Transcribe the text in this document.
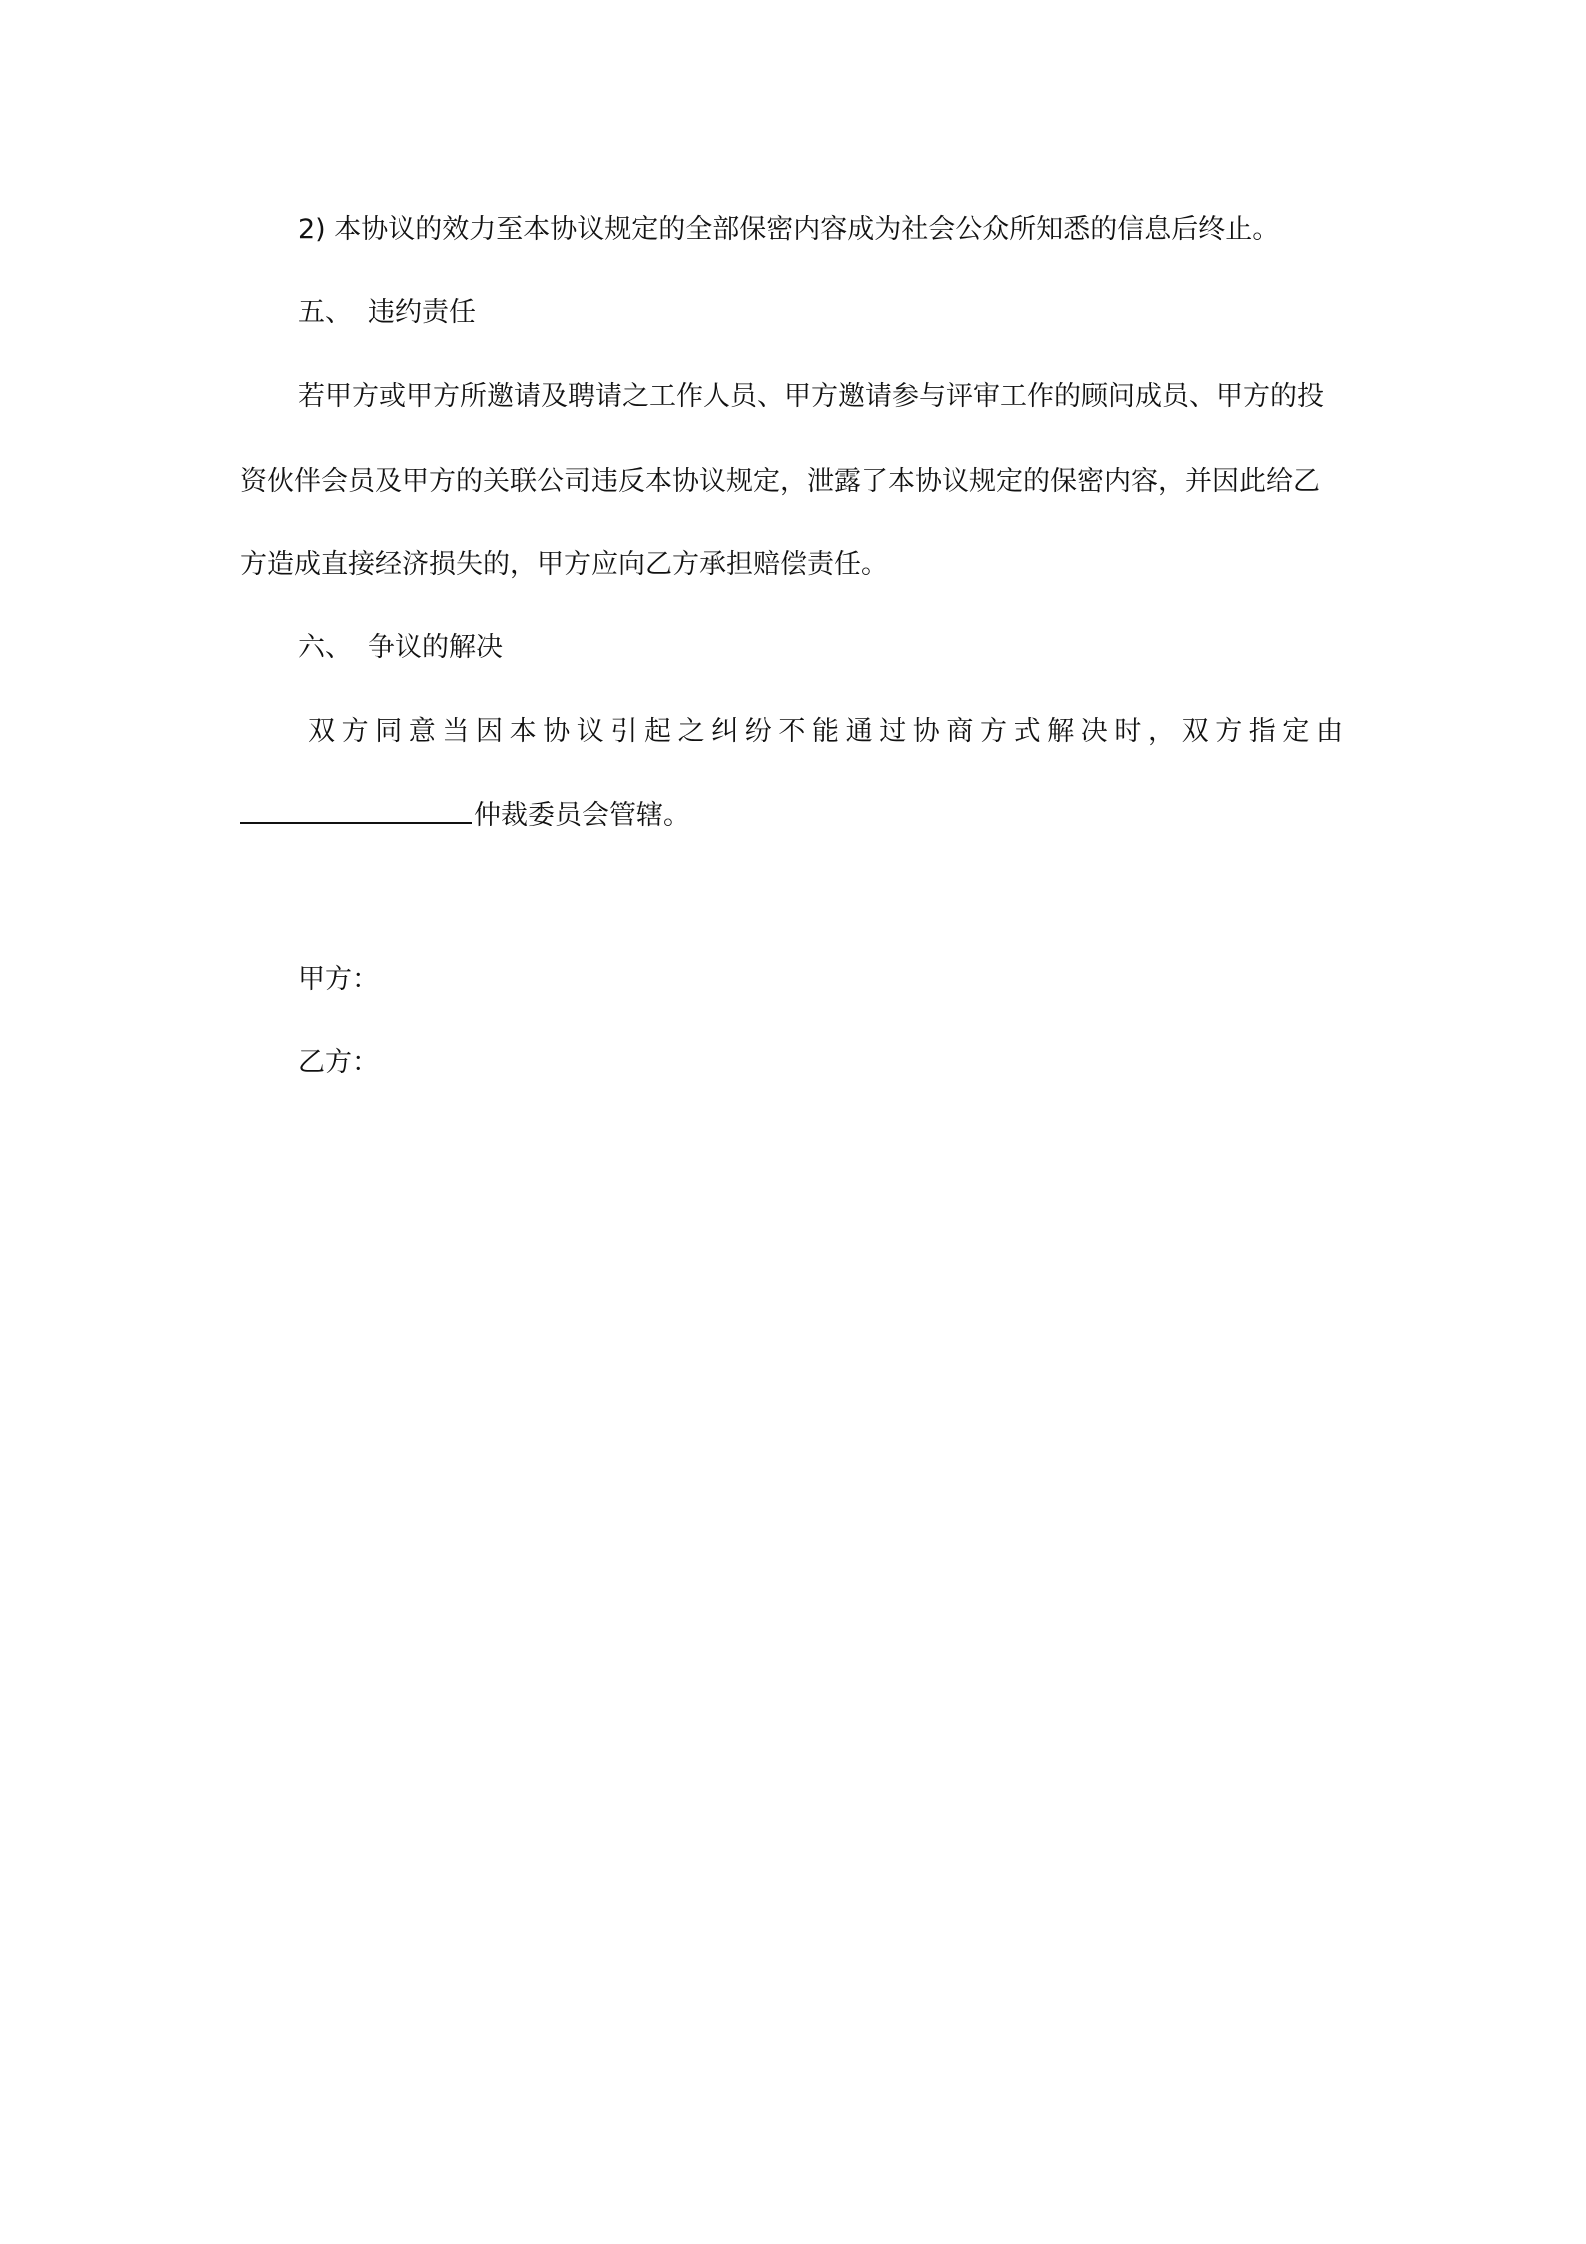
2) 本协议的效力至本协议规定的全部保密内容成为社会公众所知悉的信息后终止。

五、 违约责任

若甲方或甲方所邀请及聘请之工作人员、甲方邀请参与评审工作的顾问成员、甲方的投

资伙伴会员及甲方的关联公司违反本协议规定，泄露了本协议规定的保密内容，并因此给乙

方造成直接经济损失的，甲方应向乙方承担赔偿责任。

六、 争议的解决

双方同意当因本协议引起之纠纷不能通过协商方式解决时，双方指定由

仲裁委员会管辖。

甲方：

乙方：
